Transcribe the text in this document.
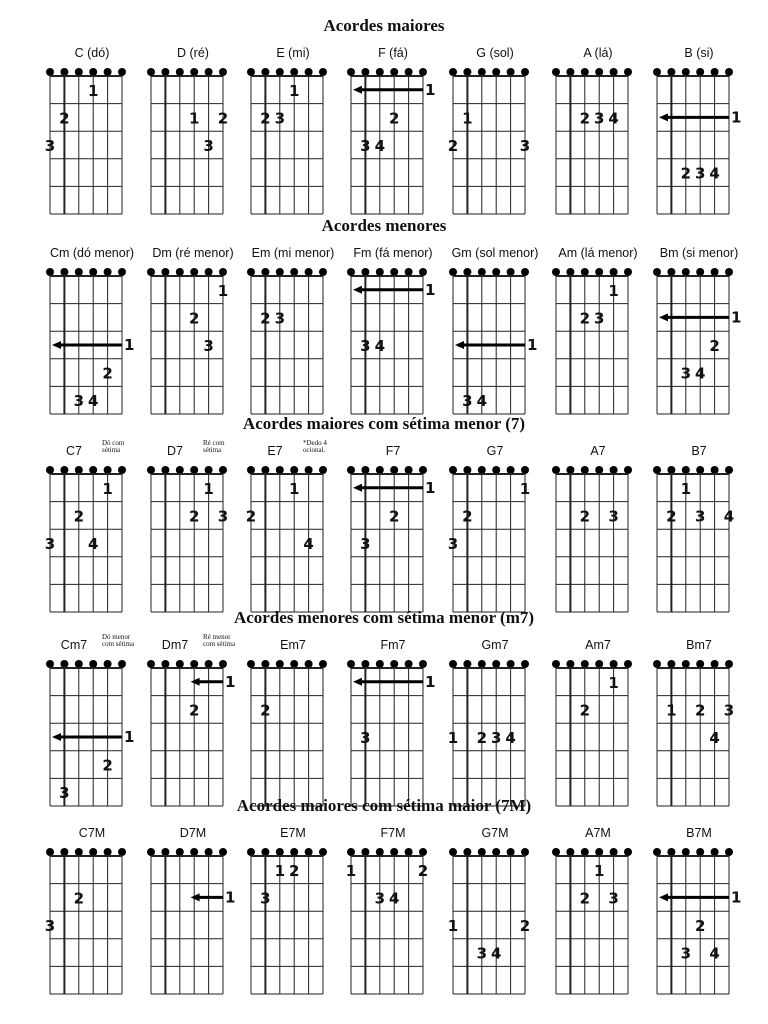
Acordes maiores
C (dó)
1
2
3
D (ré)
1 2
3
E (mi)
1
2 3
F (fá)
1
2
3 4
G (sol)
1
2	3
A (lá)
2 3 4
B (si)
1
2 3 4
Acordes menores
Cm (dó menor)
1
2
3 4
Dm (ré menor)
1
2
3
Em (mi menor)
2 3
Fm (fá menor)
1
3 4
Gm (sol menor)
1
3 4
Am (lá menor)
1
2 3
Bm (si menor)
1
2
3 4
Acordes maiores com sétima menor (7)
C7
Dó com
sétima
1
2
3 4
D7
Ré com
sétima
1
2 3
E7
*Dedo 4
ocional.
1
2
4
F7
1
2
3
G7
1
2
3
A7
2 3
B7
1
2 3 4
Acordes menores com sétima menor (m7)
Cm7
Dó menor
com sétima
1
2
3
Dm7
Ré menor
com sétima
1
2
Em7
2
Fm7
1
3
Gm7
1 2 3 4
Am7
1
2
Bm7
1 2 3
4
Acordes maiores com sétima maior (7M)
C7M
2
3
D7M
1
E7M
1 2
3
F7M
1	2
3 4
G7M
1	2
3 4
A7M
1
2 3
B7M
1
2
3 4
